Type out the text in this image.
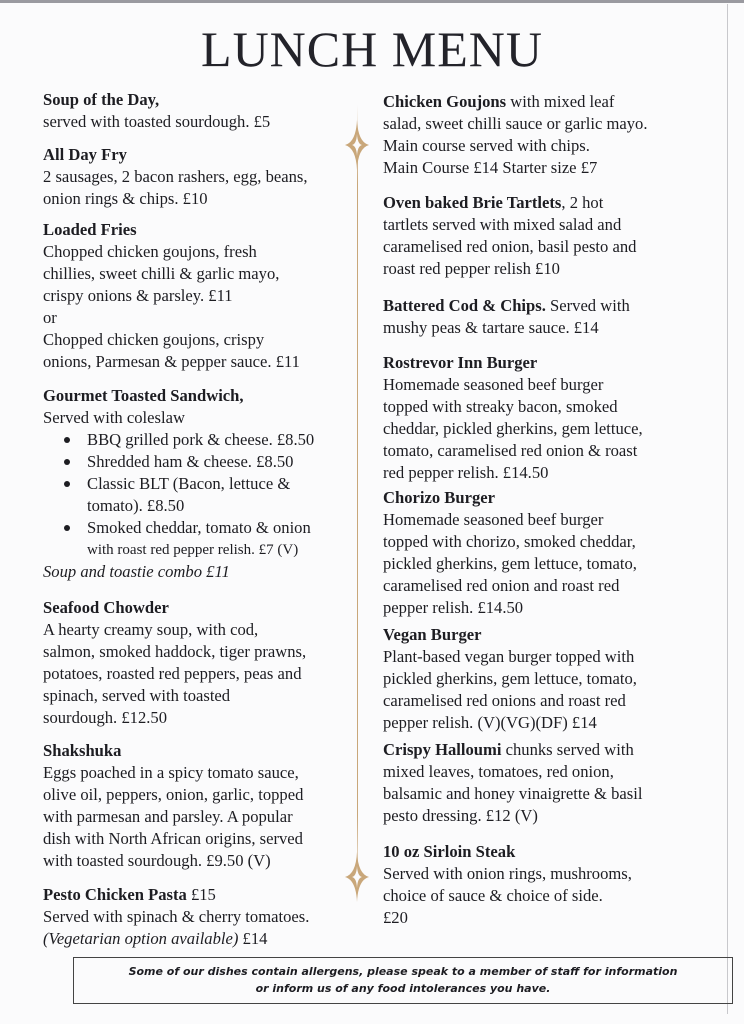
LUNCH MENU
Soup of the Day,
served with toasted sourdough. £5
All Day Fry
2 sausages, 2 bacon rashers, egg, beans,
onion rings & chips. £10
Loaded Fries
Chopped chicken goujons, fresh
chillies, sweet chilli & garlic mayo,
crispy onions & parsley. £11
or
Chopped chicken goujons, crispy
onions, Parmesan & pepper sauce. £11
Gourmet Toasted Sandwich,
Served with coleslaw
BBQ grilled pork & cheese. £8.50
Shredded ham & cheese. £8.50
Classic BLT (Bacon, lettuce &
tomato). £8.50
Smoked cheddar, tomato & onion
with roast red pepper relish. £7 (V)
Soup and toastie combo £11
Seafood Chowder
A hearty creamy soup, with cod,
salmon, smoked haddock, tiger prawns,
potatoes, roasted red peppers, peas and
spinach, served with toasted
sourdough. £12.50
Shakshuka
Eggs poached in a spicy tomato sauce,
olive oil, peppers, onion, garlic, topped
with parmesan and parsley. A popular
dish with North African origins, served
with toasted sourdough. £9.50 (V)
Pesto Chicken Pasta £15
Served with spinach & cherry tomatoes.
(Vegetarian option available) £14
Chicken Goujons with mixed leaf
salad, sweet chilli sauce or garlic mayo.
Main course served with chips.
Main Course £14 Starter size £7
Oven baked Brie Tartlets, 2 hot
tartlets served with mixed salad and
caramelised red onion, basil pesto and
roast red pepper relish £10
Battered Cod & Chips. Served with
mushy peas & tartare sauce. £14
Rostrevor Inn Burger
Homemade seasoned beef burger
topped with streaky bacon, smoked
cheddar, pickled gherkins, gem lettuce,
tomato, caramelised red onion & roast
red pepper relish. £14.50
Chorizo Burger
Homemade seasoned beef burger
topped with chorizo, smoked cheddar,
pickled gherkins, gem lettuce, tomato,
caramelised red onion and roast red
pepper relish. £14.50
Vegan Burger
Plant-based vegan burger topped with
pickled gherkins, gem lettuce, tomato,
caramelised red onions and roast red
pepper relish. (V)(VG)(DF) £14
Crispy Halloumi chunks served with
mixed leaves, tomatoes, red onion,
balsamic and honey vinaigrette & basil
pesto dressing. £12 (V)
10 oz Sirloin Steak
Served with onion rings, mushrooms,
choice of sauce & choice of side.
£20
Some of our dishes contain allergens, please speak to a member of staff for information
or inform us of any food intolerances you have.
